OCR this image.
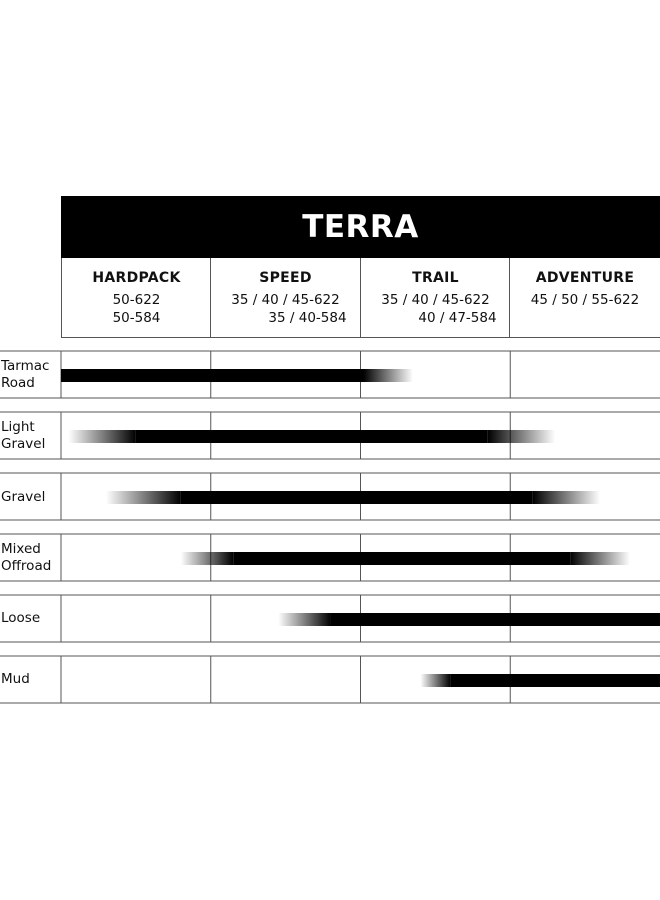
TERRA
HARDPACK
50-622
50-584
SPEED
35 / 40 / 45-622
35 / 40-584
TRAIL
35 / 40 / 45-622
40 / 47-584
ADVENTURE
45 / 50 / 55-622
Tarmac
Road
Light
Gravel
Gravel
Mixed
Offroad
Loose
Mud
